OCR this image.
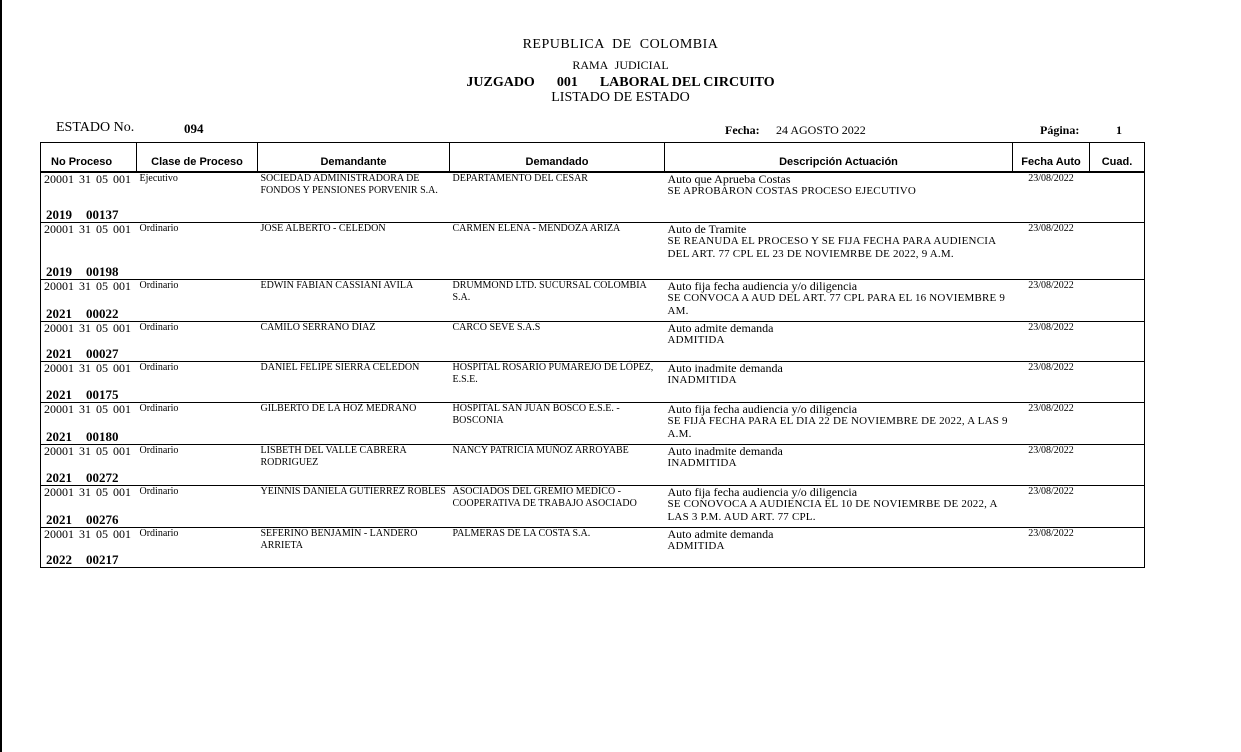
REPUBLICA DE COLOMBIA
RAMA JUDICIAL
JUZGADO 001 LABORAL DEL CIRCUITO
LISTADO DE ESTADO
ESTADO No.	094	Fecha: 24 AGOSTO 2022	Página:	1
No Proceso	Clase de Proceso	Demandante	Demandado	Descripción Actuación	Fecha Auto	Cuad.

20001 31 05 001
2019 00137	Ejecutivo	SOCIEDAD ADMINISTRADORA DE FONDOS Y PENSIONES PORVENIR S.A.	DEPARTAMENTO DEL CESAR	Auto que Aprueba Costas
SE APROBARON COSTAS PROCESO EJECUTIVO	23/08/2022	

20001 31 05 001
2019 00198	Ordinario	JOSE ALBERTO - CELEDON	CARMEN ELENA - MENDOZA ARIZA	Auto de Tramite
SE REANUDA EL PROCESO Y SE FIJA FECHA PARA AUDIENCIA DEL ART. 77 CPL EL 23 DE NOVIEMRBE DE 2022, 9 A.M.	23/08/2022	

20001 31 05 001
2021 00022	Ordinario	EDWIN FABIAN CASSIANI AVILA	DRUMMOND LTD. SUCURSAL COLOMBIA S.A.	Auto fija fecha audiencia y/o diligencia
SE CONVOCA A AUD DEL ART. 77 CPL PARA EL 16 NOVIEMBRE 9 AM.	23/08/2022	

20001 31 05 001
2021 00027	Ordinario	CAMILO SERRANO DIAZ	CARCO SEVE S.A.S	Auto admite demanda
ADMITIDA	23/08/2022	

20001 31 05 001
2021 00175	Ordinario	DANIEL FELIPE SIERRA CELEDON	HOSPITAL ROSARIO PUMAREJO DE LÓPEZ, E.S.E.	Auto inadmite demanda
INADMITIDA	23/08/2022	

20001 31 05 001
2021 00180	Ordinario	GILBERTO DE LA HOZ MEDRANO	HOSPITAL SAN JUAN BOSCO E.S.E. - BOSCONIA	Auto fija fecha audiencia y/o diligencia
SE FIJA FECHA PARA EL DIA 22 DE NOVIEMBRE DE 2022, A LAS 9 A.M.	23/08/2022	

20001 31 05 001
2021 00272	Ordinario	LISBETH DEL VALLE CABRERA RODRIGUEZ	NANCY PATRICIA MUÑOZ ARROYABE	Auto inadmite demanda
INADMITIDA	23/08/2022	

20001 31 05 001
2021 00276	Ordinario	YEINNIS DANIELA GUTIERREZ ROBLES	ASOCIADOS DEL GREMIO MEDICO - COOPERATIVA DE TRABAJO ASOCIADO	Auto fija fecha audiencia y/o diligencia
SE CONOVOCA A AUDIENCIA EL 10 DE NOVIEMRBE DE 2022, A LAS 3 P.M. AUD ART. 77 CPL.	23/08/2022	

20001 31 05 001
2022 00217	Ordinario	SEFERINO BENJAMÍN - LANDERO ARRIETA	PALMERAS DE LA COSTA S.A.	Auto admite demanda
ADMITIDA	23/08/2022	
